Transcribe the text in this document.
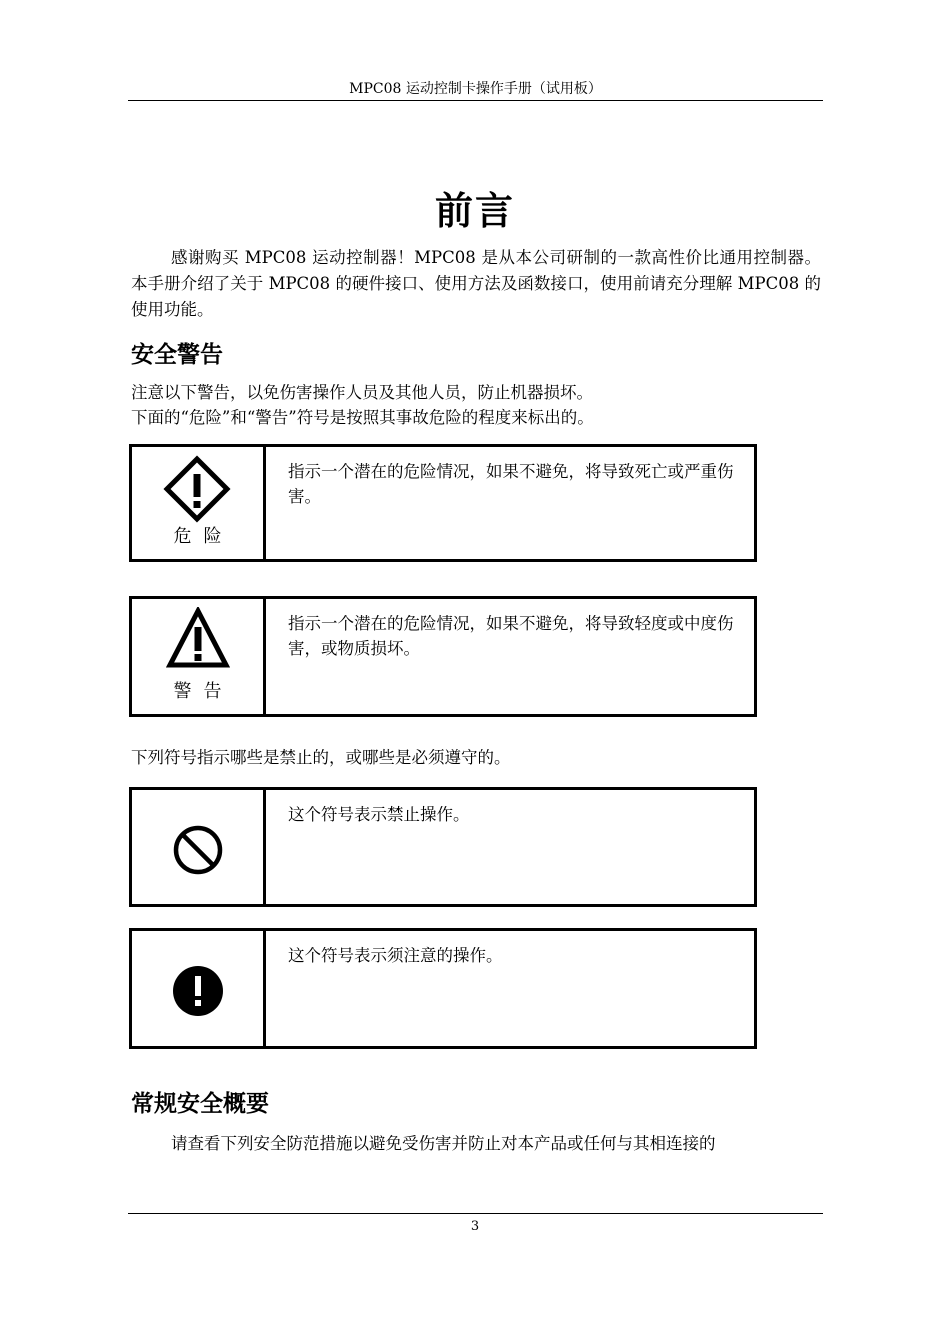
MPC08 运动控制卡操作手册（试用板）
前言
感谢购买 MPC08 运动控制器！MPC08 是从本公司研制的一款高性价比通用控制器。本手册介绍了关于 MPC08 的硬件接口、使用方法及函数接口，使用前请充分理解 MPC08 的使用功能。
安全警告
注意以下警告，以免伤害操作人员及其他人员，防止机器损坏。
下面的“危险”和“警告”符号是按照其事故危险的程度来标出的。
危险
指示一个潜在的危险情况，如果不避免，将导致死亡或严重伤害。
警告
指示一个潜在的危险情况，如果不避免，将导致轻度或中度伤害，或物质损坏。
下列符号指示哪些是禁止的，或哪些是必须遵守的。
这个符号表示禁止操作。
这个符号表示须注意的操作。
常规安全概要
请查看下列安全防范措施以避免受伤害并防止对本产品或任何与其相连接的
3
